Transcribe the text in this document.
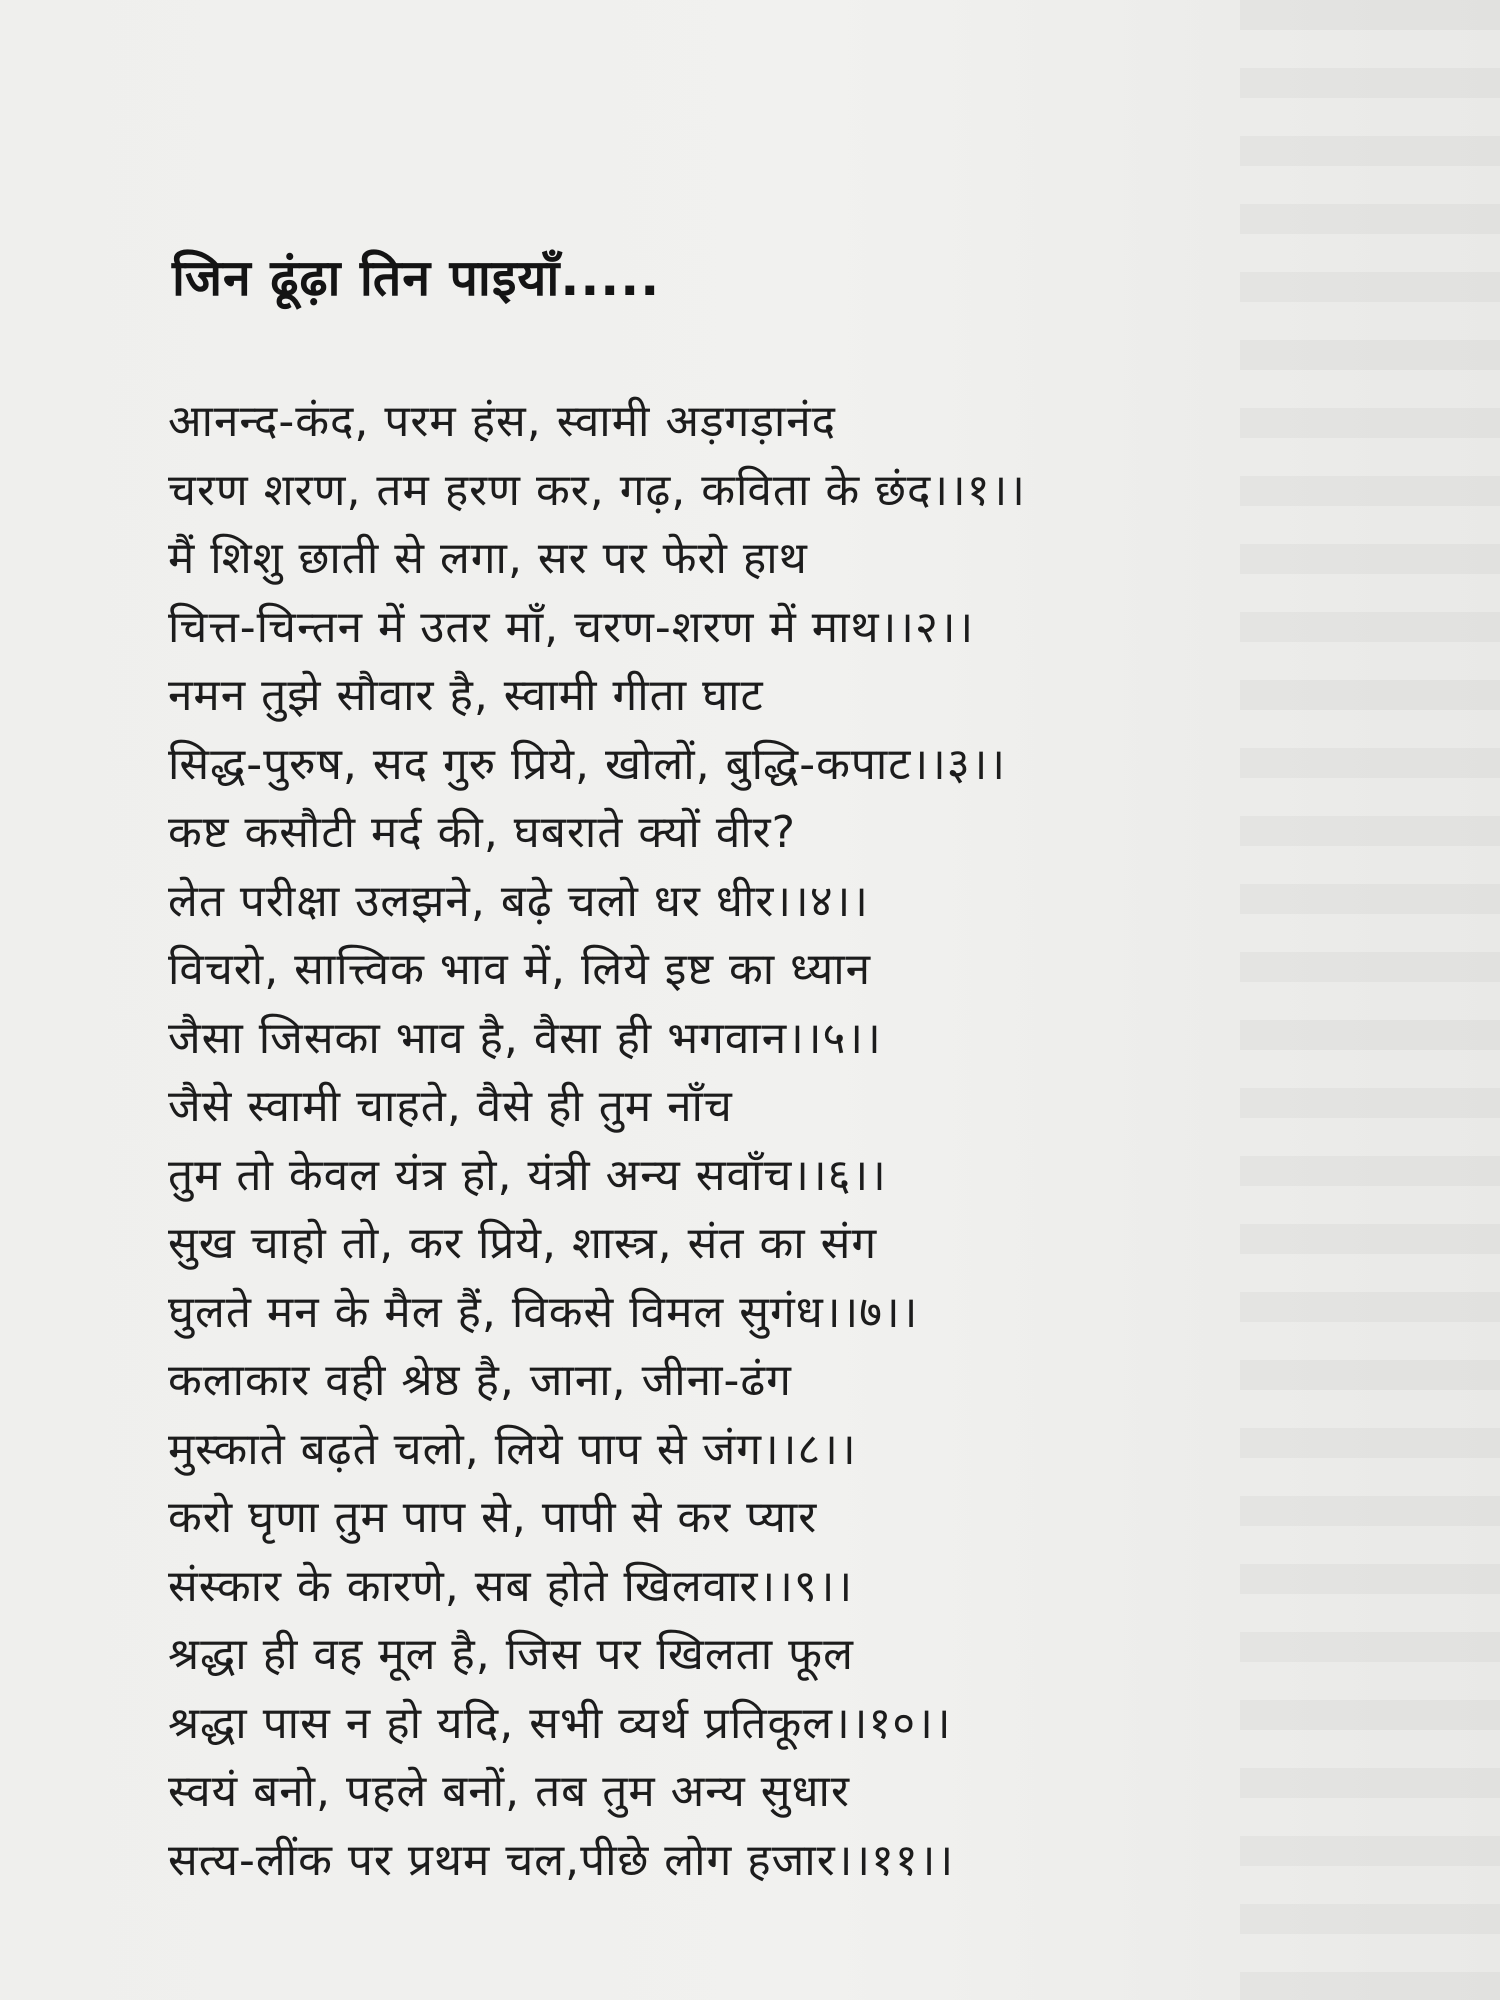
जिन ढूंढ़ा तिन पाइयाँ.....
आनन्द-कंद, परम हंस, स्वामी अड़गड़ानंद
चरण शरण, तम हरण कर, गढ़, कविता के छंद।।१।।
मैं शिशु छाती से लगा, सर पर फेरो हाथ
चित्त-चिन्तन में उतर माँ, चरण-शरण में माथ।।२।।
नमन तुझे सौवार है, स्वामी गीता घाट
सिद्ध-पुरुष, सद गुरु प्रिये, खोलों, बुद्धि-कपाट।।३।।
कष्ट कसौटी मर्द की, घबराते क्यों वीर?
लेत परीक्षा उलझने, बढ़े चलो धर धीर।।४।।
विचरो, सात्त्विक भाव में, लिये इष्ट का ध्यान
जैसा जिसका भाव है, वैसा ही भगवान।।५।।
जैसे स्वामी चाहते, वैसे ही तुम नाँच
तुम तो केवल यंत्र हो, यंत्री अन्य सवाँच।।६।।
सुख चाहो तो, कर प्रिये, शास्त्र, संत का संग
घुलते मन के मैल हैं, विकसे विमल सुगंध।।७।।
कलाकार वही श्रेष्ठ है, जाना, जीना-ढंग
मुस्काते बढ़ते चलो, लिये पाप से जंग।।८।।
करो घृणा तुम पाप से, पापी से कर प्यार
संस्कार के कारणे, सब होते खिलवार।।९।।
श्रद्धा ही वह मूल है, जिस पर खिलता फूल
श्रद्धा पास न हो यदि, सभी व्यर्थ प्रतिकूल।।१०।।
स्वयं बनो, पहले बनों, तब तुम अन्य सुधार
सत्य-लींक पर प्रथम चल,पीछे लोग हजार।।११।।
